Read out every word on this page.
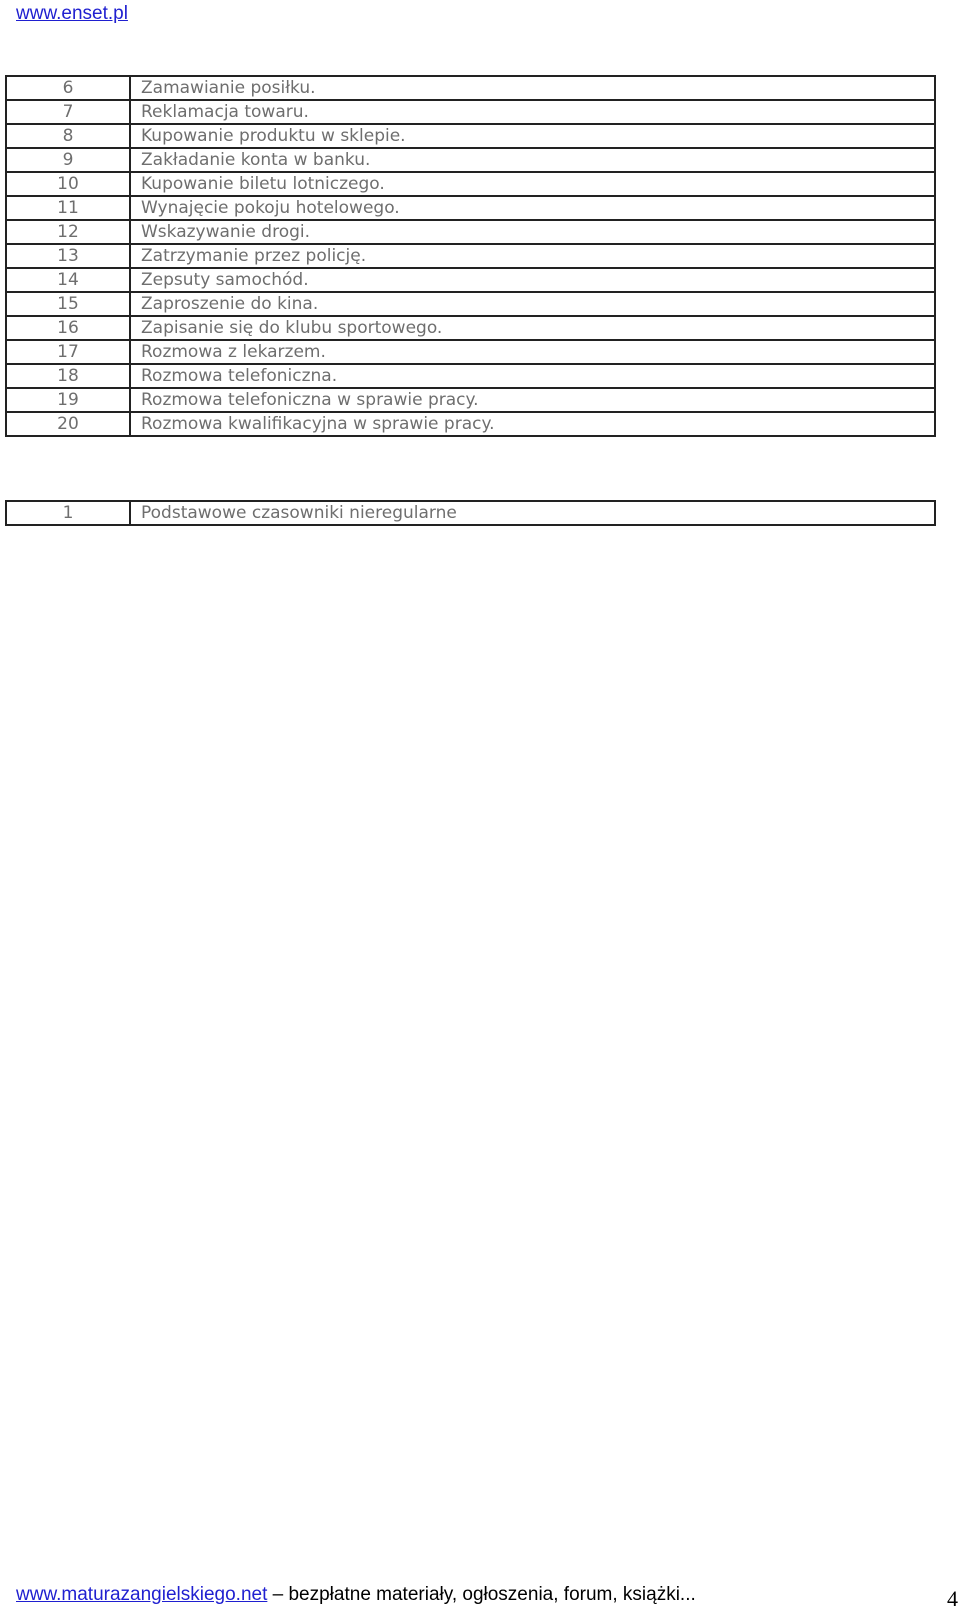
www.enset.pl
6	Zamawianie posiłku.
7	Reklamacja towaru.
8	Kupowanie produktu w sklepie.
9	Zakładanie konta w banku.
10	Kupowanie biletu lotniczego.
11	Wynajęcie pokoju hotelowego.
12	Wskazywanie drogi.
13	Zatrzymanie przez policję.
14	Zepsuty samochód.
15	Zaproszenie do kina.
16	Zapisanie się do klubu sportowego.
17	Rozmowa z lekarzem.
18	Rozmowa telefoniczna.
19	Rozmowa telefoniczna w sprawie pracy.
20	Rozmowa kwalifikacyjna w sprawie pracy.
1	Podstawowe czasowniki nieregularne
www.maturazangielskiego.net – bezpłatne materiały, ogłoszenia, forum, książki...	4
